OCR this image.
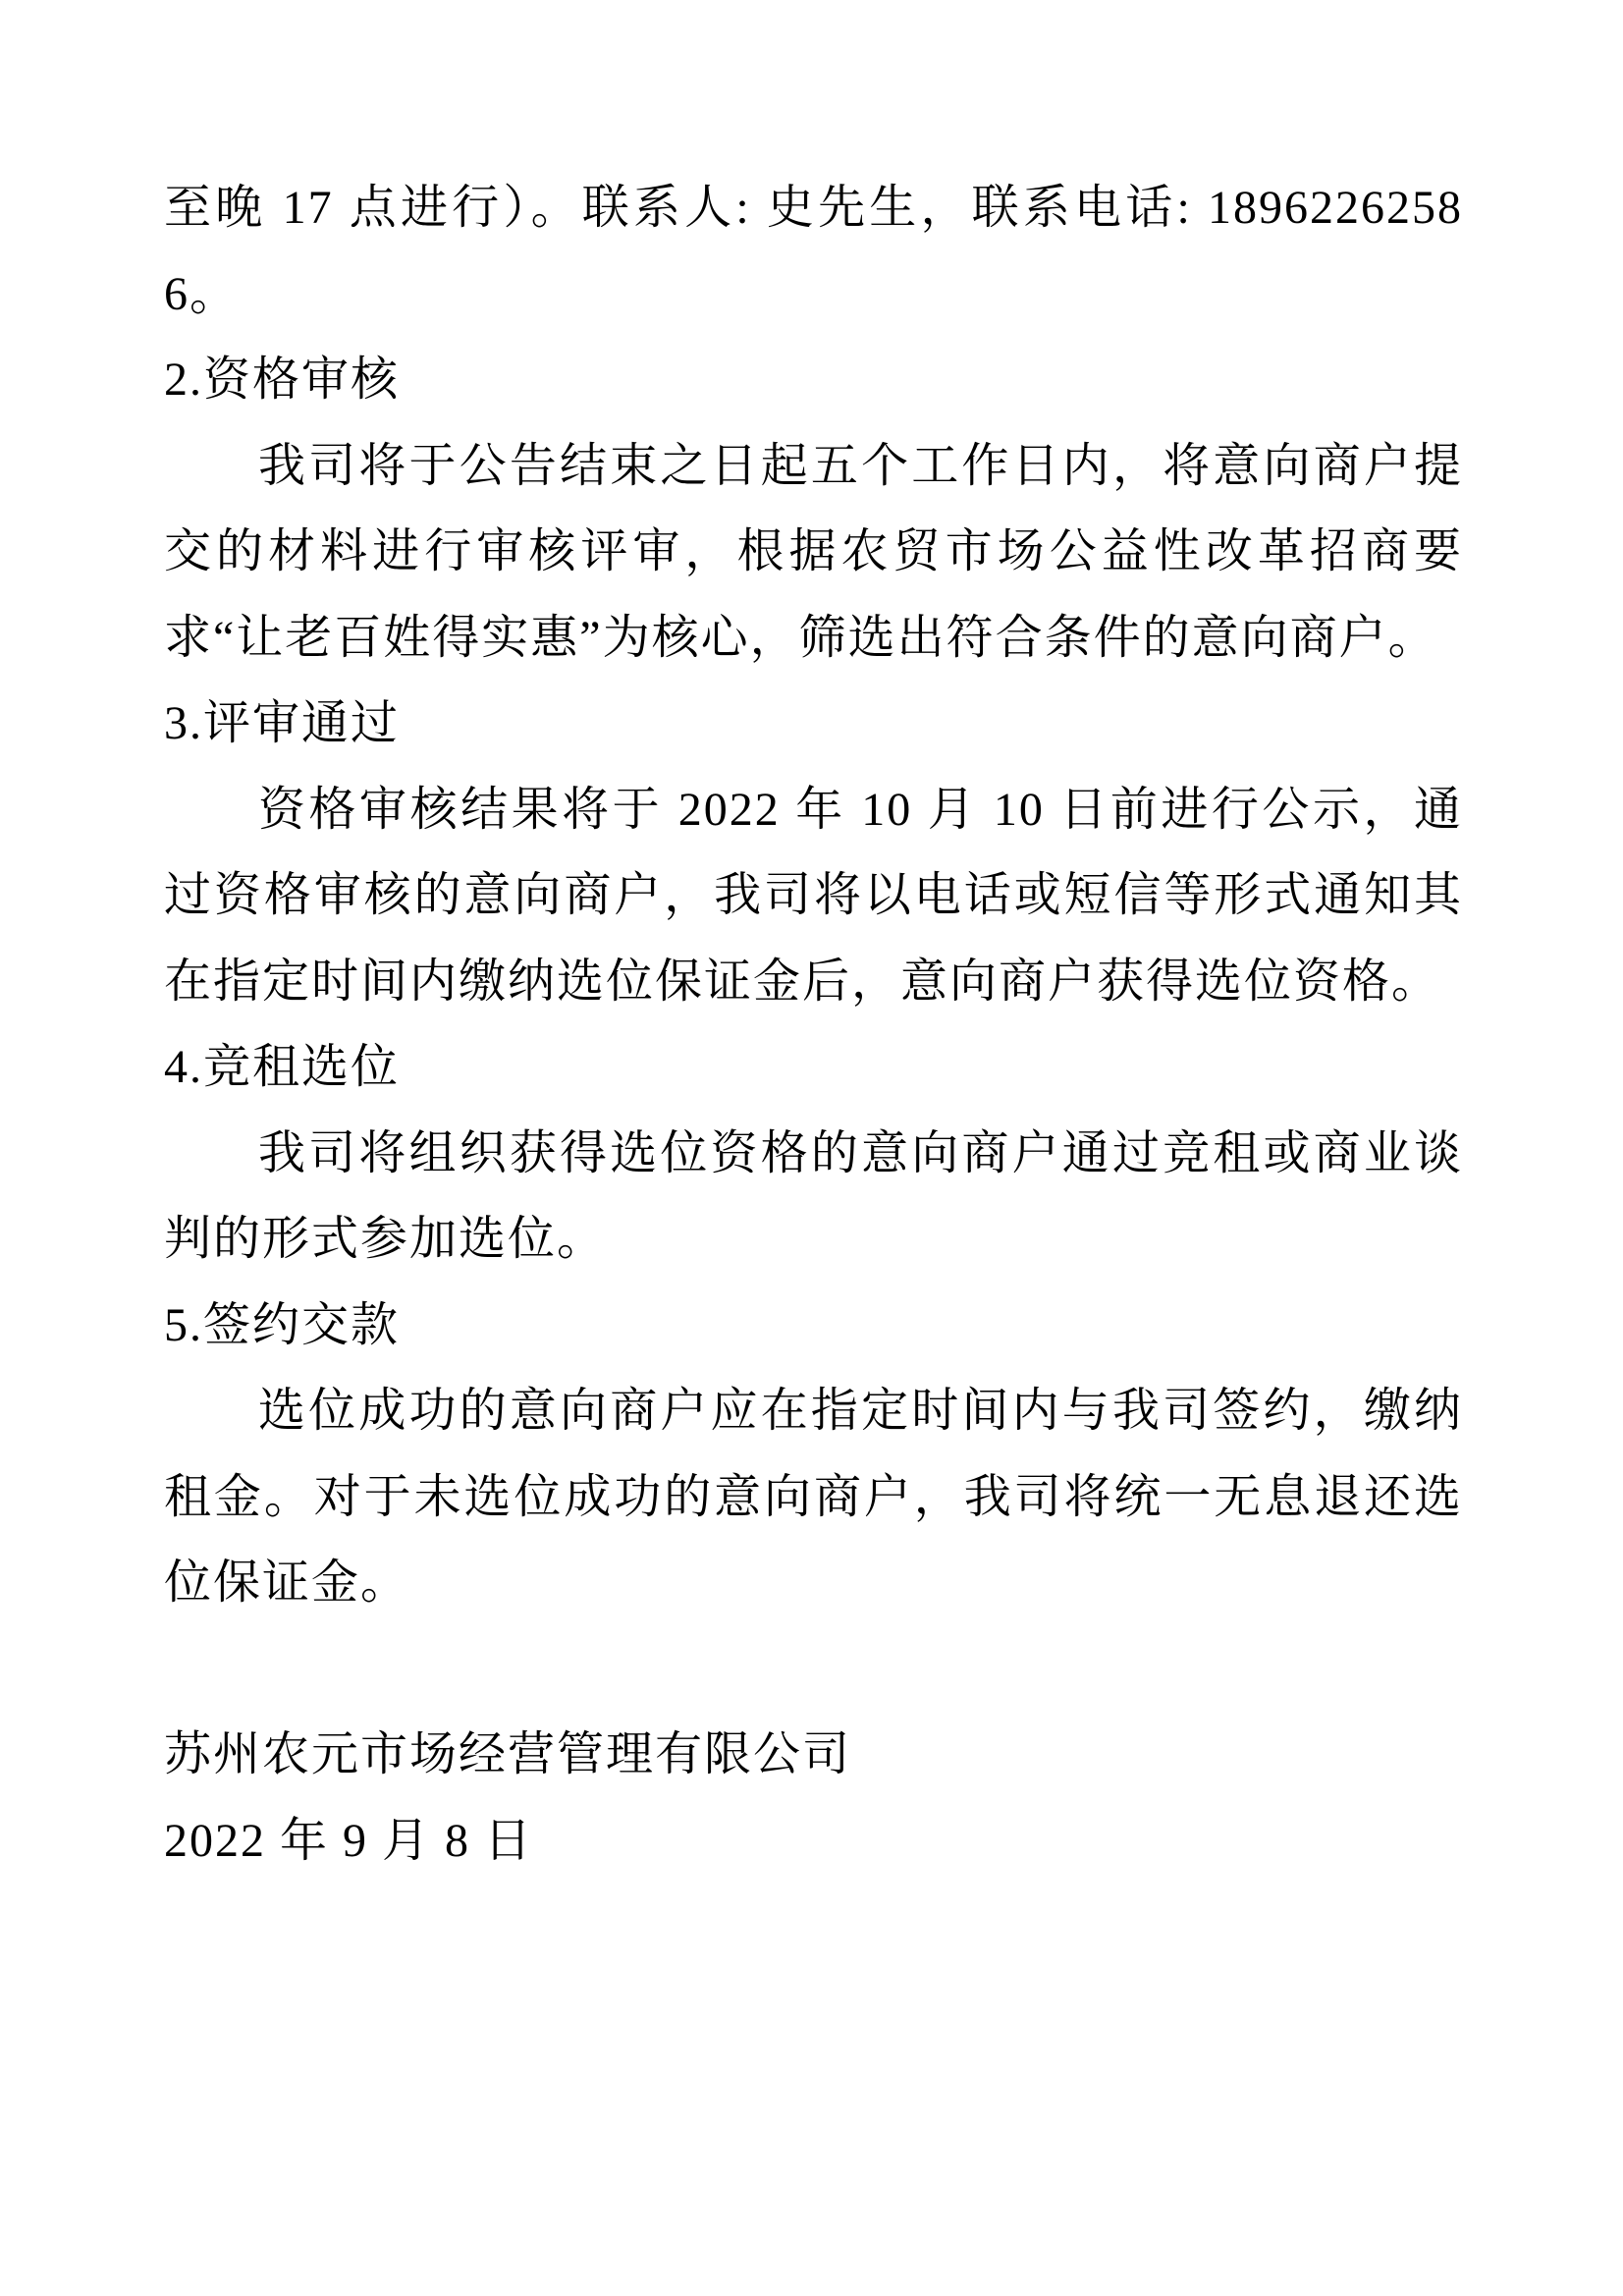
至晚 17 点进行）。联系人: 史先生，联系电话: 18962262586。

2.资格审核

我司将于公告结束之日起五个工作日内，将意向商户提交的材料进行审核评审，根据农贸市场公益性改革招商要求“让老百姓得实惠”为核心，筛选出符合条件的意向商户。

3.评审通过

资格审核结果将于 2022 年 10 月 10 日前进行公示，通过资格审核的意向商户，我司将以电话或短信等形式通知其在指定时间内缴纳选位保证金后，意向商户获得选位资格。

4.竞租选位

我司将组织获得选位资格的意向商户通过竞租或商业谈判的形式参加选位。

5.签约交款

选位成功的意向商户应在指定时间内与我司签约，缴纳租金。对于未选位成功的意向商户，我司将统一无息退还选位保证金。

苏州农元市场经营管理有限公司

2022 年 9 月 8 日
